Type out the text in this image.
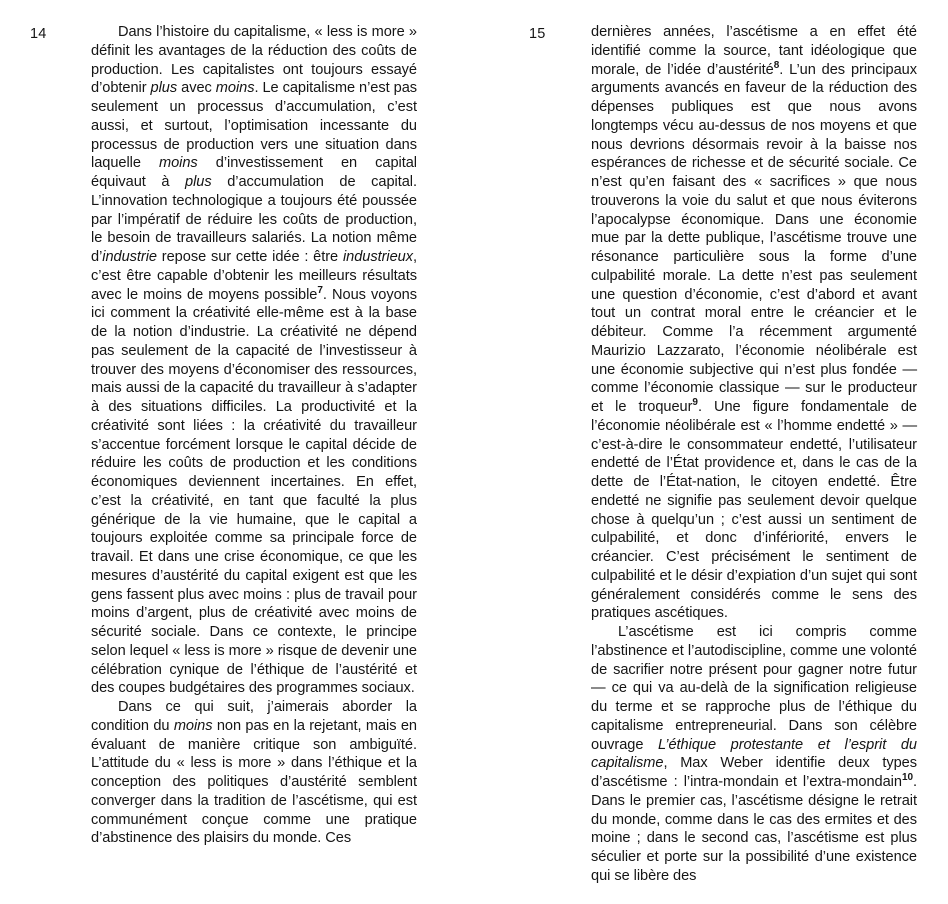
14	Dans l’histoire du capitalisme, « less is more » définit les avantages de la réduction des coûts de production. Les capitalistes ont toujours essayé d’obtenir plus avec moins. Le capitalisme n’est pas seulement un processus d’accumulation, c’est aussi, et surtout, l’optimisation incessante du processus de production vers une situation dans laquelle moins d’investissement en capital équivaut à plus d’accumulation de capital. L’innovation technologique a toujours été poussée par l’impératif de réduire les coûts de production, le besoin de travailleurs salariés. La notion même d’industrie repose sur cette idée : être industrieux, c’est être capable d’obtenir les meilleurs résultats avec le moins de moyens possible$^7$. Nous voyons ici comment la créativité elle-même est à la base de la notion d’industrie. La créativité ne dépend pas seulement de la capacité de l’investisseur à trouver des moyens d’économiser des ressources, mais aussi de la capacité du travailleur à s’adapter à des situations difficiles. La productivité et la créativité sont liées : la créativité du travailleur s’accentue forcément lorsque le capital décide de réduire les coûts de production et les conditions économiques deviennent incertaines. En effet, c’est la créativité, en tant que faculté la plus générique de la vie humaine, que le capital a toujours exploitée comme sa principale force de travail. Et dans une crise économique, ce que les mesures d’austérité du capital exigent est que les gens fassent plus avec moins : plus de travail pour moins d’argent, plus de créativité avec moins de sécurité sociale. Dans ce contexte, le principe selon lequel « less is more » risque de devenir une célébration cynique de l’éthique de l’austérité et des coupes budgétaires des programmes sociaux.

Dans ce qui suit, j’aimerais aborder la condition du moins non pas en la rejetant, mais en évaluant de manière critique son ambiguïté. L’attitude du « less is more » dans l’éthique et la conception des politiques d’austérité semblent converger dans la tradition de l’ascétisme, qui est communément conçue comme une pratique d’abstinence des plaisirs du monde. Ces

15	dernières années, l’ascétisme a en effet été identifié comme la source, tant idéologique que morale, de l’idée d’austérité$^8$. L’un des principaux arguments avancés en faveur de la réduction des dépenses publiques est que nous avons longtemps vécu au-dessus de nos moyens et que nous devrions désormais revoir à la baisse nos espérances de richesse et de sécurité sociale. Ce n’est qu’en faisant des « sacrifices » que nous trouverons la voie du salut et que nous éviterons l’apocalypse économique. Dans une économie mue par la dette publique, l’ascétisme trouve une résonance particulière sous la forme d’une culpabilité morale. La dette n’est pas seulement une question d’économie, c’est d’abord et avant tout un contrat moral entre le créancier et le débiteur. Comme l’a récemment argumenté Maurizio Lazzarato, l’économie néolibérale est une économie subjective qui n’est plus fondée — comme l’économie classique — sur le producteur et le troqueur$^9$. Une figure fondamentale de l’économie néolibérale est « l’homme endetté » — c’est-à-dire le consommateur endetté, l’utilisateur endetté de l’État providence et, dans le cas de la dette de l’État-nation, le citoyen endetté. Être endetté ne signifie pas seulement devoir quelque chose à quelqu’un ; c’est aussi un sentiment de culpabilité, et donc d’infériorité, envers le créancier. C’est précisément le sentiment de culpabilité et le désir d’expiation d’un sujet qui sont généralement considérés comme le sens des pratiques ascétiques.

L’ascétisme est ici compris comme l’abstinence et l’autodiscipline, comme une volonté de sacrifier notre présent pour gagner notre futur — ce qui va au-delà de la signification religieuse du terme et se rapproche plus de l’éthique du capitalisme entrepreneurial. Dans son célèbre ouvrage L’éthique protestante et l’esprit du capitalisme, Max Weber identifie deux types d’ascétisme : l’intra-mondain et l’extra-mondain$^{10}$. Dans le premier cas, l’ascétisme désigne le retrait du monde, comme dans le cas des ermites et des moine ; dans le second cas, l’ascétisme est plus séculier et porte sur la possibilité d’une existence qui se libère des
